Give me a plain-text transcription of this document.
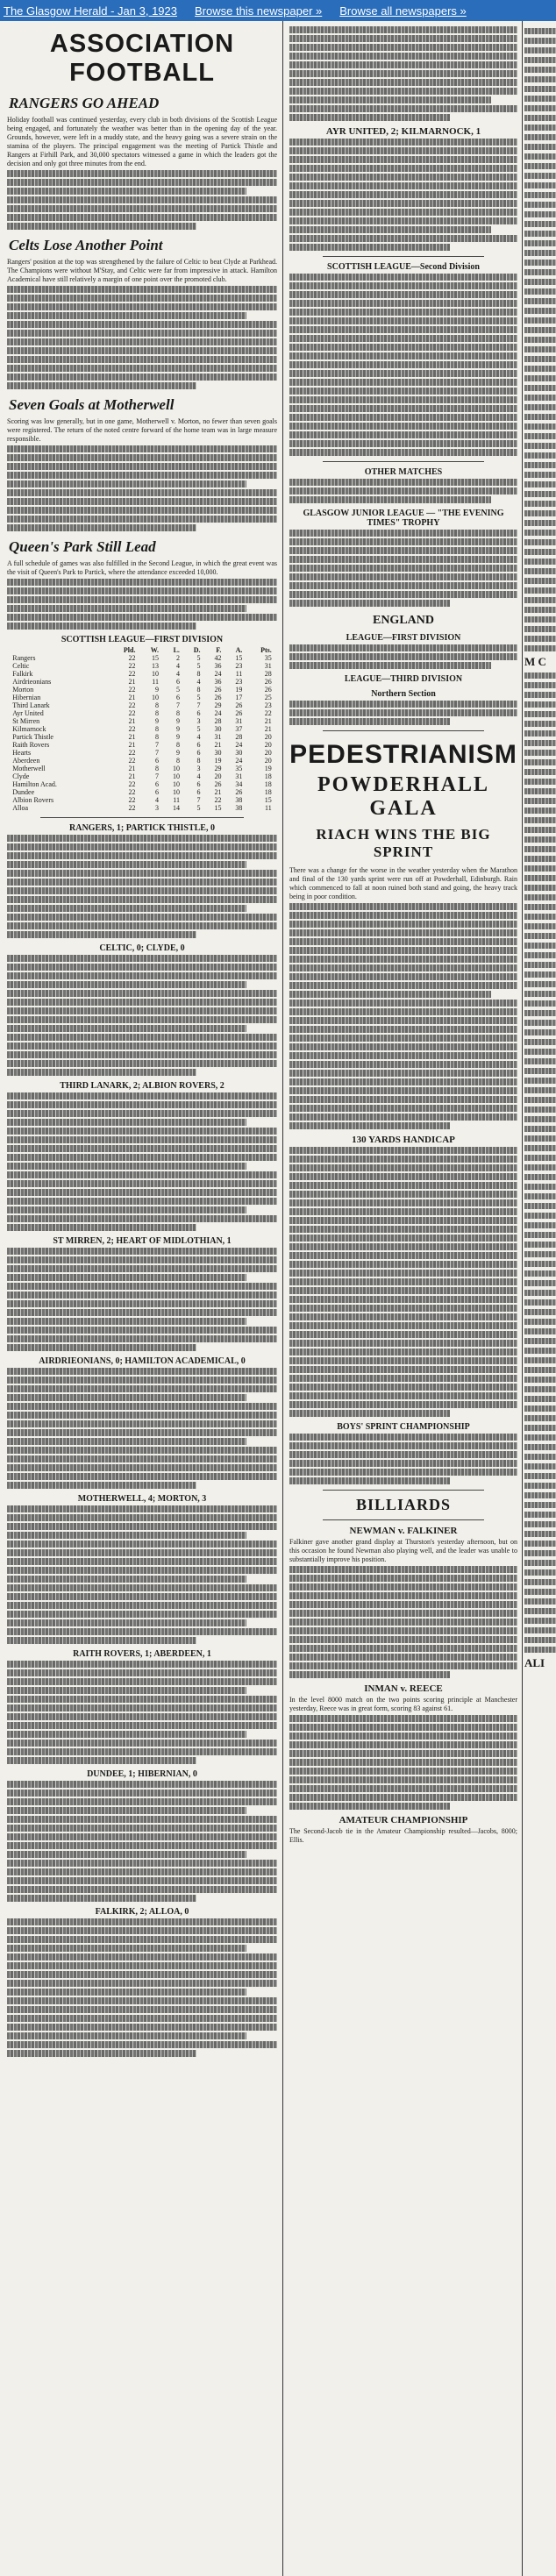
The Glasgow Herald - Jan 3, 1923 Browse this newspaper » Browse all newspapers »
ASSOCIATION FOOTBALL
RANGERS GO AHEAD

Holiday football was continued yesterday, every club in both divisions of the Scottish League being engaged, and fortunately the weather was better than in the opening day of the year. Grounds, however, were left in a muddy state, and the heavy going was a severe strain on the stamina of the players. The principal engagement was the meeting of Partick Thistle and Rangers at Firhill Park, and 30,000 spectators witnessed a game in which the leaders got the decision and only got three minutes from the end.

Celts Lose Another Point

Rangers' position at the top was strengthened by the failure of Celtic to beat Clyde at Parkhead. The Champions were without M'Stay, and Celtic were far from impressive in attack. Hamilton Academical have still relatively a margin of one point over the promoted club.

Seven Goals at Motherwell

Scoring was low generally, but in one game, Motherwell v. Morton, no fewer than seven goals were registered. The return of the noted centre forward of the home team was in large measure responsible.

Queen's Park Still Lead

A full schedule of games was also fulfilled in the Second League, in which the great event was the visit of Queen's Park to Partick, where the attendance exceeded 10,000.

SCOTTISH LEAGUE—FIRST DIVISION
	Pld.	W.	L.	D.	F.	A.	Pts.
Rangers	22	15	2	5	42	15	35
Celtic	22	13	4	5	36	23	31
Falkirk	22	10	4	8	24	11	28
Airdrieonians	21	11	6	4	36	23	26
Morton	22	9	5	8	26	19	26
Hibernian	21	10	6	5	26	17	25
Third Lanark	22	8	7	7	29	26	23
Ayr United	22	8	8	6	24	26	22
St Mirren	21	9	9	3	28	31	21
Kilmarnock	22	8	9	5	30	37	21
Partick Thistle	21	8	9	4	31	28	20
Raith Rovers	21	7	8	6	21	24	20
Hearts	22	7	9	6	30	30	20
Aberdeen	22	6	8	8	19	24	20
Motherwell	21	8	10	3	29	35	19
Clyde	21	7	10	4	20	31	18
Hamilton Acad.	22	6	10	6	26	34	18
Dundee	22	6	10	6	21	26	18
Albion Rovers	22	4	11	7	22	38	15
Alloa	22	3	14	5	15	38	11
RANGERS, 1; PARTICK THISTLE, 0
CELTIC, 0; CLYDE, 0
THIRD LANARK, 2; ALBION ROVERS, 2
ST MIRREN, 2; HEART OF MIDLOTHIAN, 1
AIRDRIEONIANS, 0; HAMILTON ACADEMICAL, 0
MOTHERWELL, 4; MORTON, 3
RAITH ROVERS, 1; ABERDEEN, 1
DUNDEE, 1; HIBERNIAN, 0
FALKIRK, 2; ALLOA, 0
AYR UNITED, 2; KILMARNOCK, 1
SCOTTISH LEAGUE—Second Division
OTHER MATCHES
GLASGOW JUNIOR LEAGUE — "THE EVENING TIMES" TROPHY
ENGLAND
LEAGUE—FIRST DIVISION
LEAGUE—THIRD DIVISION
Northern Section
PEDESTRIANISM
POWDERHALL GALA
RIACH WINS THE BIG SPRINT

There was a change for the worse in the weather yesterday when the Marathon and final of the 130 yards sprint were run off at Powderhall, Edinburgh. Rain which commenced to fall at noon ruined both stand and going, the heavy track being in poor condition.

130 YARDS HANDICAP
BOYS' SPRINT CHAMPIONSHIP
BILLIARDS
NEWMAN v. FALKINER

Falkiner gave another grand display at Thurston's yesterday afternoon, but on this occasion he found Newman also playing well, and the leader was unable to substantially improve his position.

INMAN v. REECE

In the level 8000 match on the two points scoring principle at Manchester yesterday, Reece was in great form, scoring 83 against 61.

AMATEUR CHAMPIONSHIP

The Second-Jacob tie in the Amateur Championship resulted—Jacobs, 8000; Ellis.

M C
ALI
